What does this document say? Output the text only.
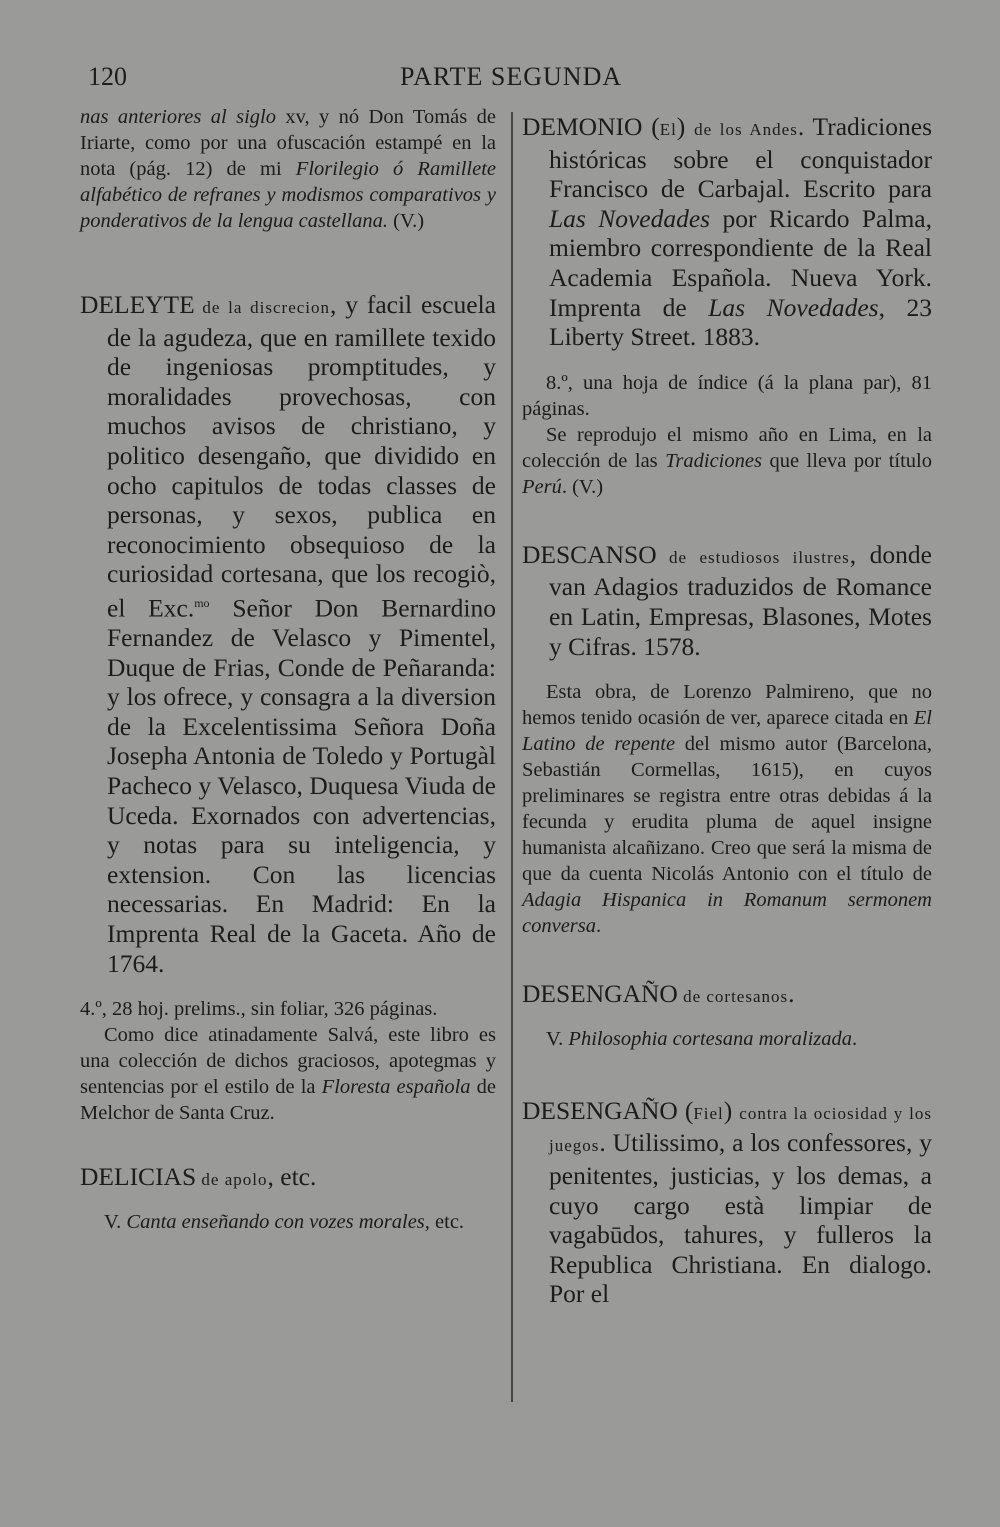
120	PARTE SEGUNDA

nas anteriores al siglo xv, y nó Don Tomás de Iriarte, como por una ofuscación estampé en la nota (pág. 12) de mi Florilegio ó Ramillete alfabético de refranes y modismos comparativos y ponderativos de la lengua castellana. (V.)

DELEYTE de la discrecion, y facil escuela de la agudeza, que en ramillete texido de ingeniosas promptitudes, y moralidades provechosas, con muchos avisos de christiano, y politico desengaño, que dividido en ocho capitulos de todas classes de personas, y sexos, publica en reconocimiento obsequioso de la curiosidad cortesana, que los recogiò, el Exc.$^{mo}$ Señor Don Bernardino Fernandez de Velasco y Pimentel, Duque de Frias, Conde de Peñaranda: y los ofrece, y consagra a la diversion de la Excelentissima Señora Doña Josepha Antonia de Toledo y Portugàl Pacheco y Velasco, Duquesa Viuda de Uceda. Exornados con advertencias, y notas para su inteligencia, y extension. Con las licencias necessarias. En Madrid: En la Imprenta Real de la Gaceta. Año de 1764.

4.º, 28 hoj. prelims., sin foliar, 326 páginas.

Como dice atinadamente Salvá, este libro es una colección de dichos graciosos, apotegmas y sentencias por el estilo de la Floresta española de Melchor de Santa Cruz.

DELICIAS de apolo, etc.

V. Canta enseñando con vozes morales, etc.

DEMONIO (El) de los Andes. Tradiciones históricas sobre el conquistador Francisco de Carbajal. Escrito para Las Novedades por Ricardo Palma, miembro correspondiente de la Real Academia Española. Nueva York. Imprenta de Las Novedades, 23 Liberty Street. 1883.

8.º, una hoja de índice (á la plana par), 81 páginas.

Se reprodujo el mismo año en Lima, en la colección de las Tradiciones que lleva por título Perú. (V.)

DESCANSO de estudiosos ilustres, donde van Adagios traduzidos de Romance en Latin, Empresas, Blasones, Motes y Cifras. 1578.

Esta obra, de Lorenzo Palmireno, que no hemos tenido ocasión de ver, aparece citada en El Latino de repente del mismo autor (Barcelona, Sebastián Cormellas, 1615), en cuyos preliminares se registra entre otras debidas á la fecunda y erudita pluma de aquel insigne humanista alcañizano. Creo que será la misma de que da cuenta Nicolás Antonio con el título de Adagia Hispanica in Romanum sermonem conversa.

DESENGAÑO de cortesanos.

V. Philosophia cortesana moralizada.

DESENGAÑO (Fiel) contra la ociosidad y los juegos. Utilissimo, a los confessores, y penitentes, justicias, y los demas, a cuyo cargo està limpiar de vagabūdos, tahures, y fulleros la Republica Christiana. En dialogo. Por el
